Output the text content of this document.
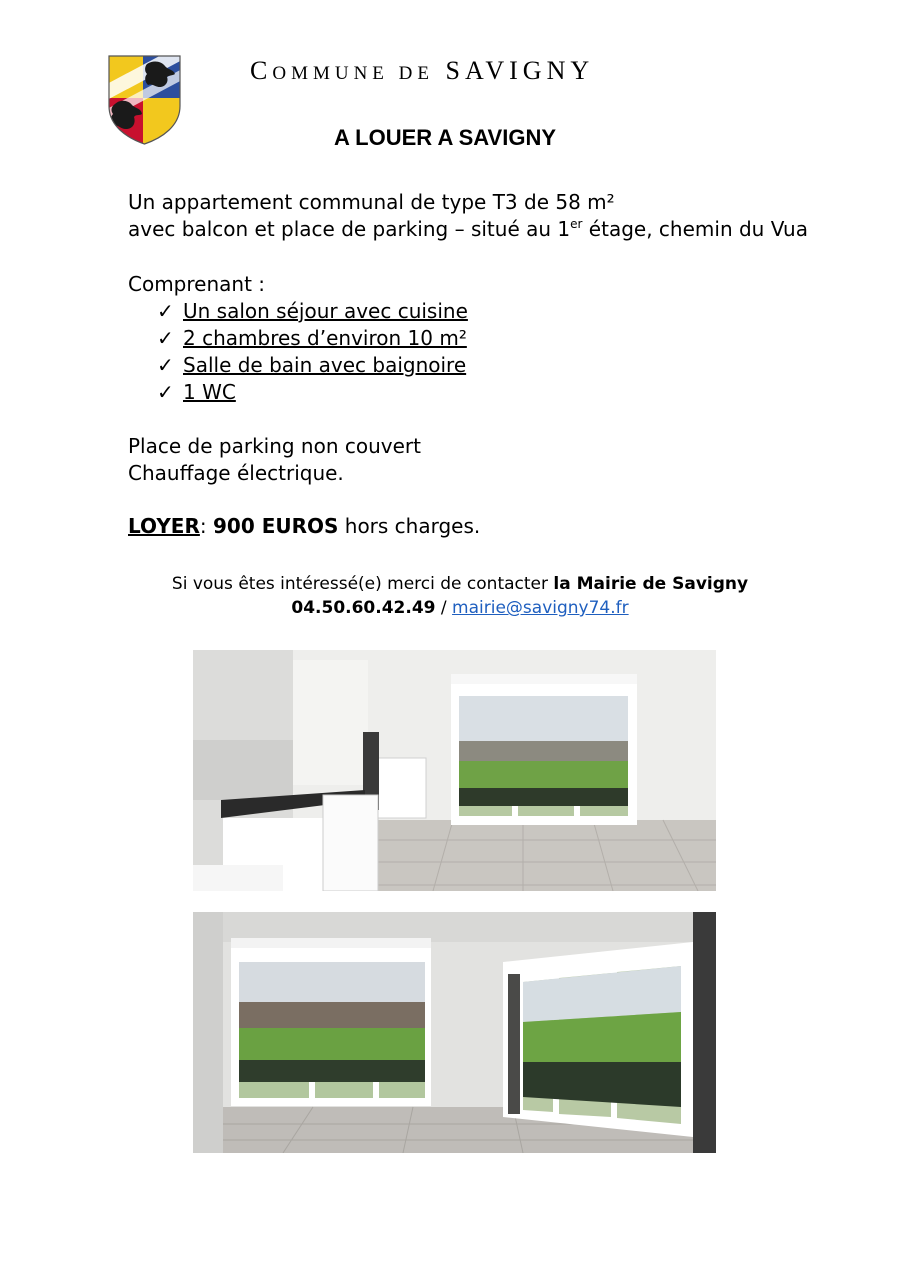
COMMUNE DE SAVIGNY
A LOUER A SAVIGNY

Un appartement communal de type T3 de 58 m²

avec balcon et place de parking – situé au 1er étage, chemin du Vua

Comprenant :
✓ Un salon séjour avec cuisine
✓ 2 chambres d’environ 10 m²
✓ Salle de bain avec baignoire
✓ 1 WC

Place de parking non couvert

Chauffage électrique.

LOYER: 900 EUROS hors charges.

Si vous êtes intéressé(e) merci de contacter la Mairie de Savigny

04.50.60.42.49 / mairie@savigny74.fr
